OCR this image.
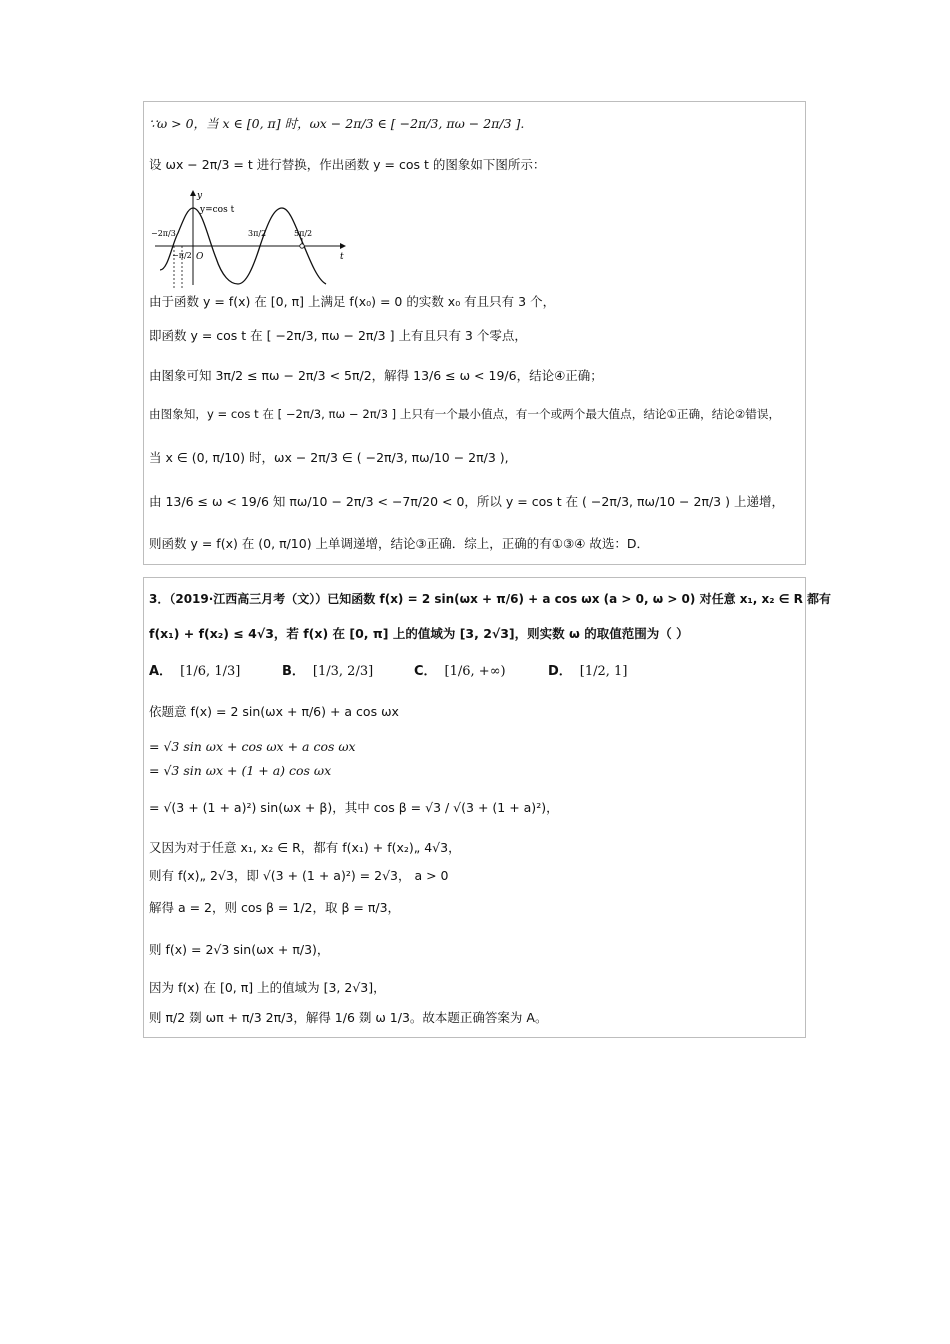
∵ω > 0，当 x ∈ [0, π] 时，ωx − 2π/3 ∈ [ −2π/3, πω − 2π/3 ].
设 ωx − 2π/3 = t 进行替换，作出函数 y = cos t 的图象如下图所示：
y
y=cos t
O	t
−2π/3
−π/2
3π/2	5π/2
由于函数 y = f(x) 在 [0, π] 上满足 f(x₀) = 0 的实数 x₀ 有且只有 3 个，
即函数 y = cos t 在 [ −2π/3, πω − 2π/3 ] 上有且只有 3 个零点，
由图象可知 3π/2 ≤ πω − 2π/3 < 5π/2，解得 13/6 ≤ ω < 19/6，结论④正确；
由图象知，y = cos t 在 [ −2π/3, πω − 2π/3 ] 上只有一个最小值点，有一个或两个最大值点，结论①正确，结论②错误，
当 x ∈ (0, π/10) 时，ωx − 2π/3 ∈ ( −2π/3, πω/10 − 2π/3 ),
由 13/6 ≤ ω < 19/6 知 πω/10 − 2π/3 < −7π/20 < 0，所以 y = cos t 在 ( −2π/3, πω/10 − 2π/3 ) 上递增，
则函数 y = f(x) 在 (0, π/10) 上单调递增，结论③正确．综上，正确的有①③④ 故选：D．
3．（2019·江西高三月考（文））已知函数 f(x) = 2 sin(ωx + π/6) + a cos ωx (a > 0, ω > 0) 对任意 x₁, x₂ ∈ R 都有
f(x₁) + f(x₂) ≤ 4√3，若 f(x) 在 [0, π] 上的值域为 [3, 2√3]，则实数 ω 的取值范围为（ ）
A． [1/6, 1/3]	B． [1/3, 2/3]	C． [1/6, +∞)	D． [1/2, 1]
依题意 f(x) = 2 sin(ωx + π/6) + a cos ωx
= √3 sin ωx + cos ωx + a cos ωx
= √3 sin ωx + (1 + a) cos ωx
= √(3 + (1 + a)²) sin(ωx + β)，其中 cos β = √3 / √(3 + (1 + a)²)，
又因为对于任意 x₁, x₂ ∈ R，都有 f(x₁) + f(x₂)„ 4√3，
则有 f(x)„ 2√3，即 √(3 + (1 + a)²) = 2√3， a > 0
解得 a = 2，则 cos β = 1/2，取 β = π/3，
则 f(x) = 2√3 sin(ωx + π/3)，
因为 f(x) 在 [0, π] 上的值域为 [3, 2√3]，
则 π/2 剟 ωπ + π/3 2π/3，解得 1/6 剟 ω 1/3。故本题正确答案为 A。
